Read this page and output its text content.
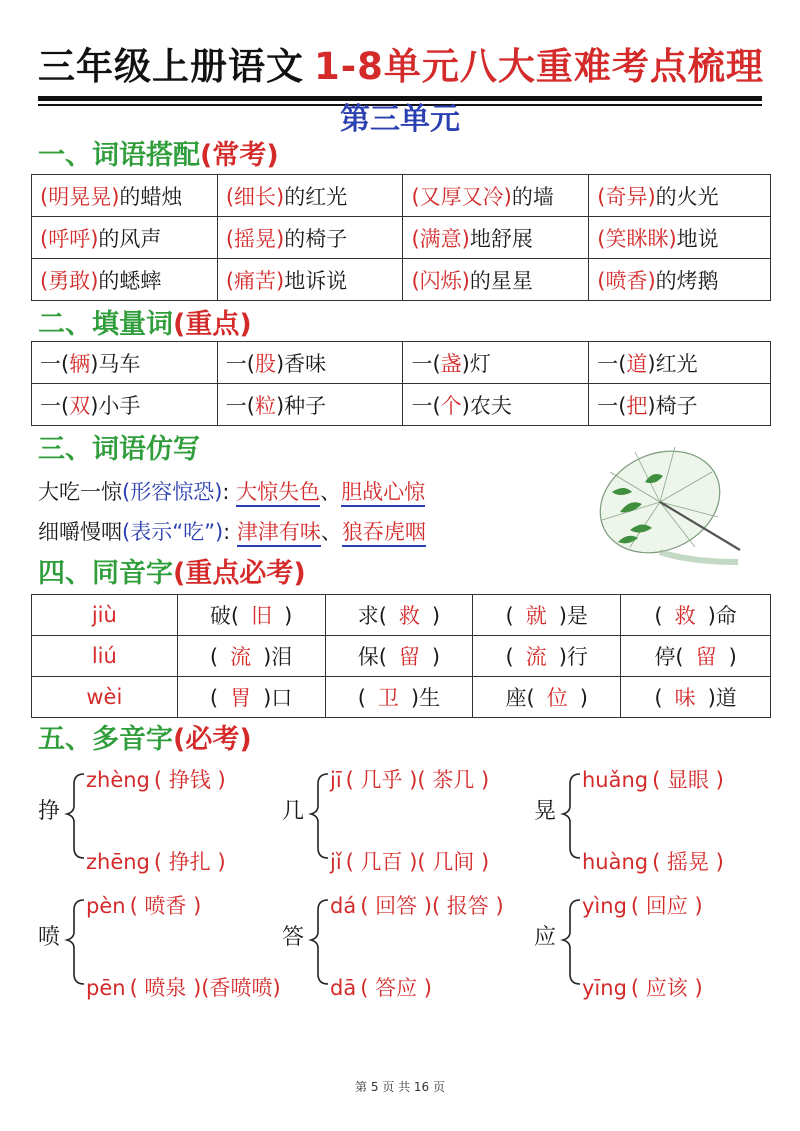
三年级上册语文 1-8单元八大重难考点梳理
第三单元
一、词语搭配(常考)
(明晃晃)的蜡烛	(细长)的红光	(又厚又冷)的墙	(奇异)的火光
(呼呼)的风声	(摇晃)的椅子	(满意)地舒展	(笑眯眯)地说
(勇敢)的蟋蟀	(痛苦)地诉说	(闪烁)的星星	(喷香)的烤鹅
二、填量词(重点)
一(辆)马车	一(股)香味	一(盏)灯	一(道)红光
一(双)小手	一(粒)种子	一(个)农夫	一(把)椅子
三、词语仿写
大吃一惊(形容惊恐): 大惊失色、胆战心惊
细嚼慢咽(表示“吃”): 津津有味、狼吞虎咽
四、同音字(重点必考)
jiù	破( 旧 )	求( 救 )	( 就 )是	( 救 )命
liú	( 流 )泪	保( 留 )	( 流 )行	停( 留 )
wèi	( 胃 )口	( 卫 )生	座( 位 )	( 味 )道
五、多音字(必考)
挣
zhèng ( 挣钱 )
zhēng ( 挣扎 )
几
jī ( 几乎 )( 茶几 )
jǐ ( 几百 )( 几间 )
晃
huǎng ( 显眼 )
huàng ( 摇晃 )
喷
pèn ( 喷香 )
pēn ( 喷泉 )(香喷喷)
答
dá ( 回答 )( 报答 )
dā ( 答应 )
应
yìng ( 回应 )
yīng ( 应该 )
第 5 页 共 16 页
